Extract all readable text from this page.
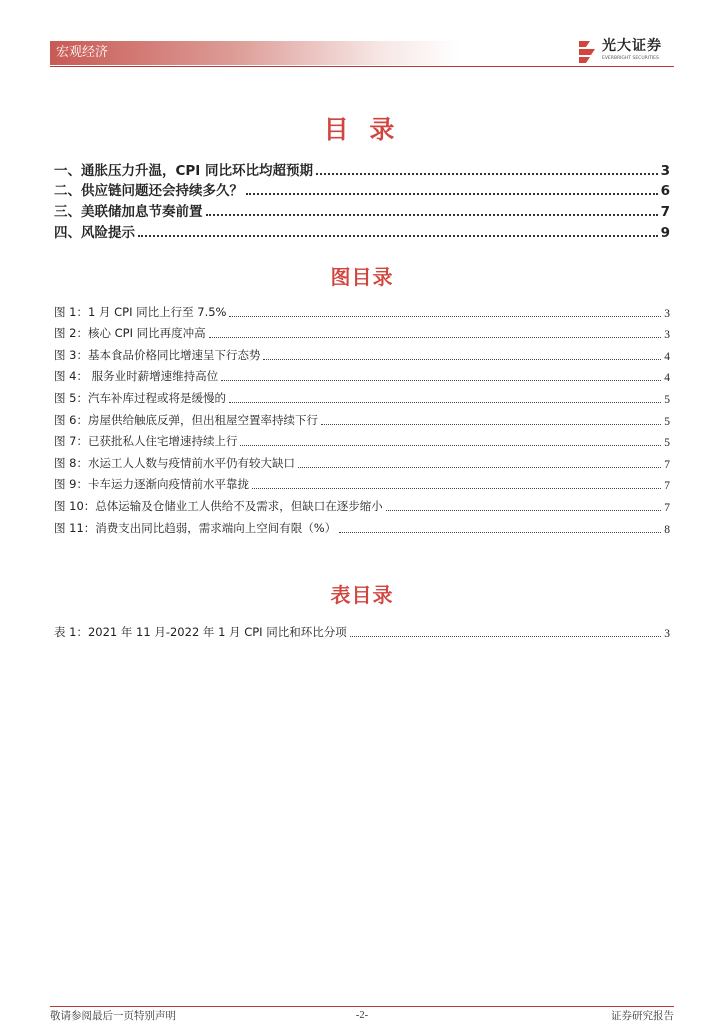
宏观经济	光大证券
EVERBRIGHT SECURITIES
目 录
一、通胀压力升温，CPI 同比环比均超预期	3
二、供应链问题还会持续多久？	6
三、美联储加息节奏前置	7
四、风险提示	9
图目录
图 1：1 月 CPI 同比上行至 7.5%	3
图 2：核心 CPI 同比再度冲高	3
图 3：基本食品价格同比增速呈下行态势	4
图 4： 服务业时薪增速维持高位	4
图 5：汽车补库过程或将是缓慢的	5
图 6：房屋供给触底反弹，但出租屋空置率持续下行	5
图 7：已获批私人住宅增速持续上行	5
图 8：水运工人人数与疫情前水平仍有较大缺口	7
图 9：卡车运力逐渐向疫情前水平靠拢	7
图 10：总体运输及仓储业工人供给不及需求，但缺口在逐步缩小	7
图 11：消费支出同比趋弱，需求端向上空间有限（%）	8
表目录
表 1：2021 年 11 月-2022 年 1 月 CPI 同比和环比分项	3
敬请参阅最后一页特别声明	-2-	证券研究报告
